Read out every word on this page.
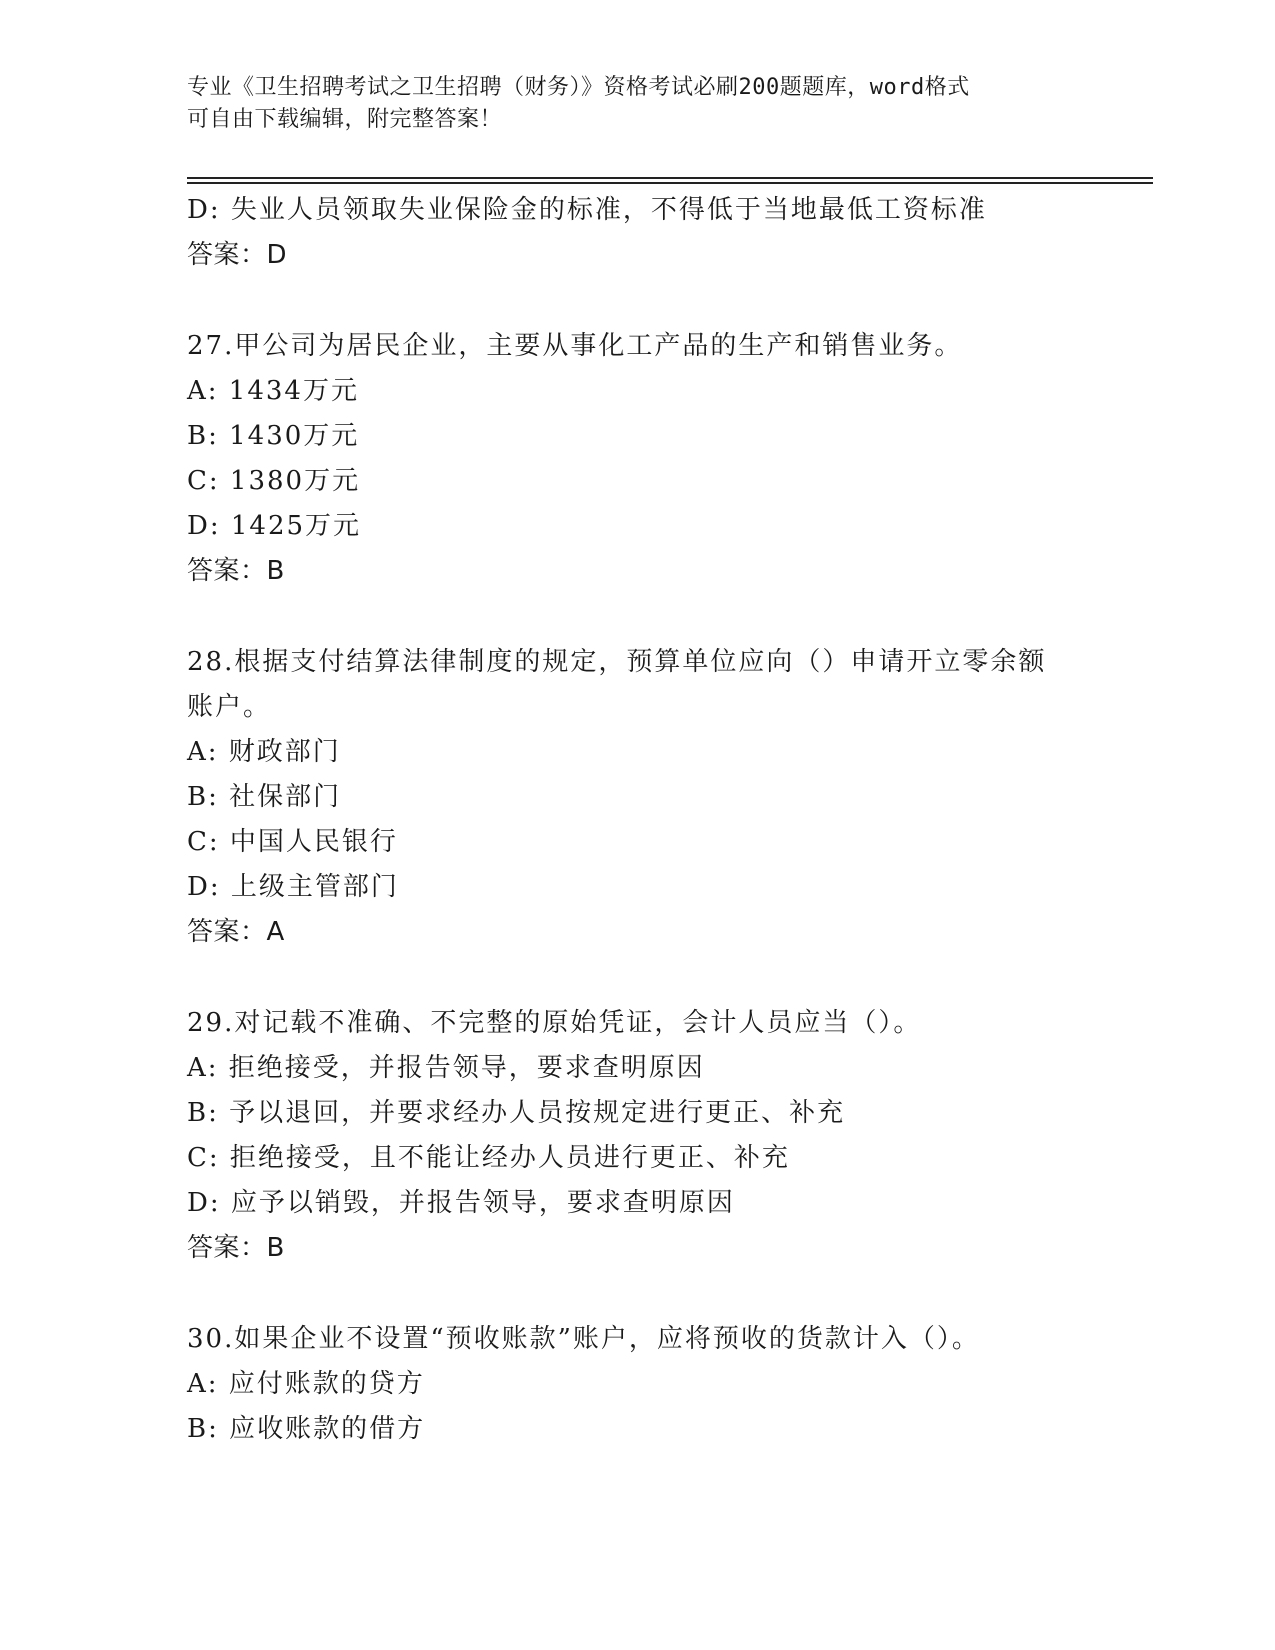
专业《卫生招聘考试之卫生招聘（财务）》资格考试必刷200题题库，word格式
可自由下载编辑，附完整答案！
D: 失业人员领取失业保险金的标准，不得低于当地最低工资标准
答案：D
27.甲公司为居民企业，主要从事化工产品的生产和销售业务。
A: 1434万元
B: 1430万元
C: 1380万元
D: 1425万元
答案：B
28.根据支付结算法律制度的规定，预算单位应向（）申请开立零余额
账户。
A: 财政部门
B: 社保部门
C: 中国人民银行
D: 上级主管部门
答案：A
29.对记载不准确、不完整的原始凭证，会计人员应当（）。
A: 拒绝接受，并报告领导，要求查明原因
B: 予以退回，并要求经办人员按规定进行更正、补充
C: 拒绝接受，且不能让经办人员进行更正、补充
D: 应予以销毁，并报告领导，要求查明原因
答案：B
30.如果企业不设置“预收账款”账户，应将预收的货款计入（）。
A: 应付账款的贷方
B: 应收账款的借方
